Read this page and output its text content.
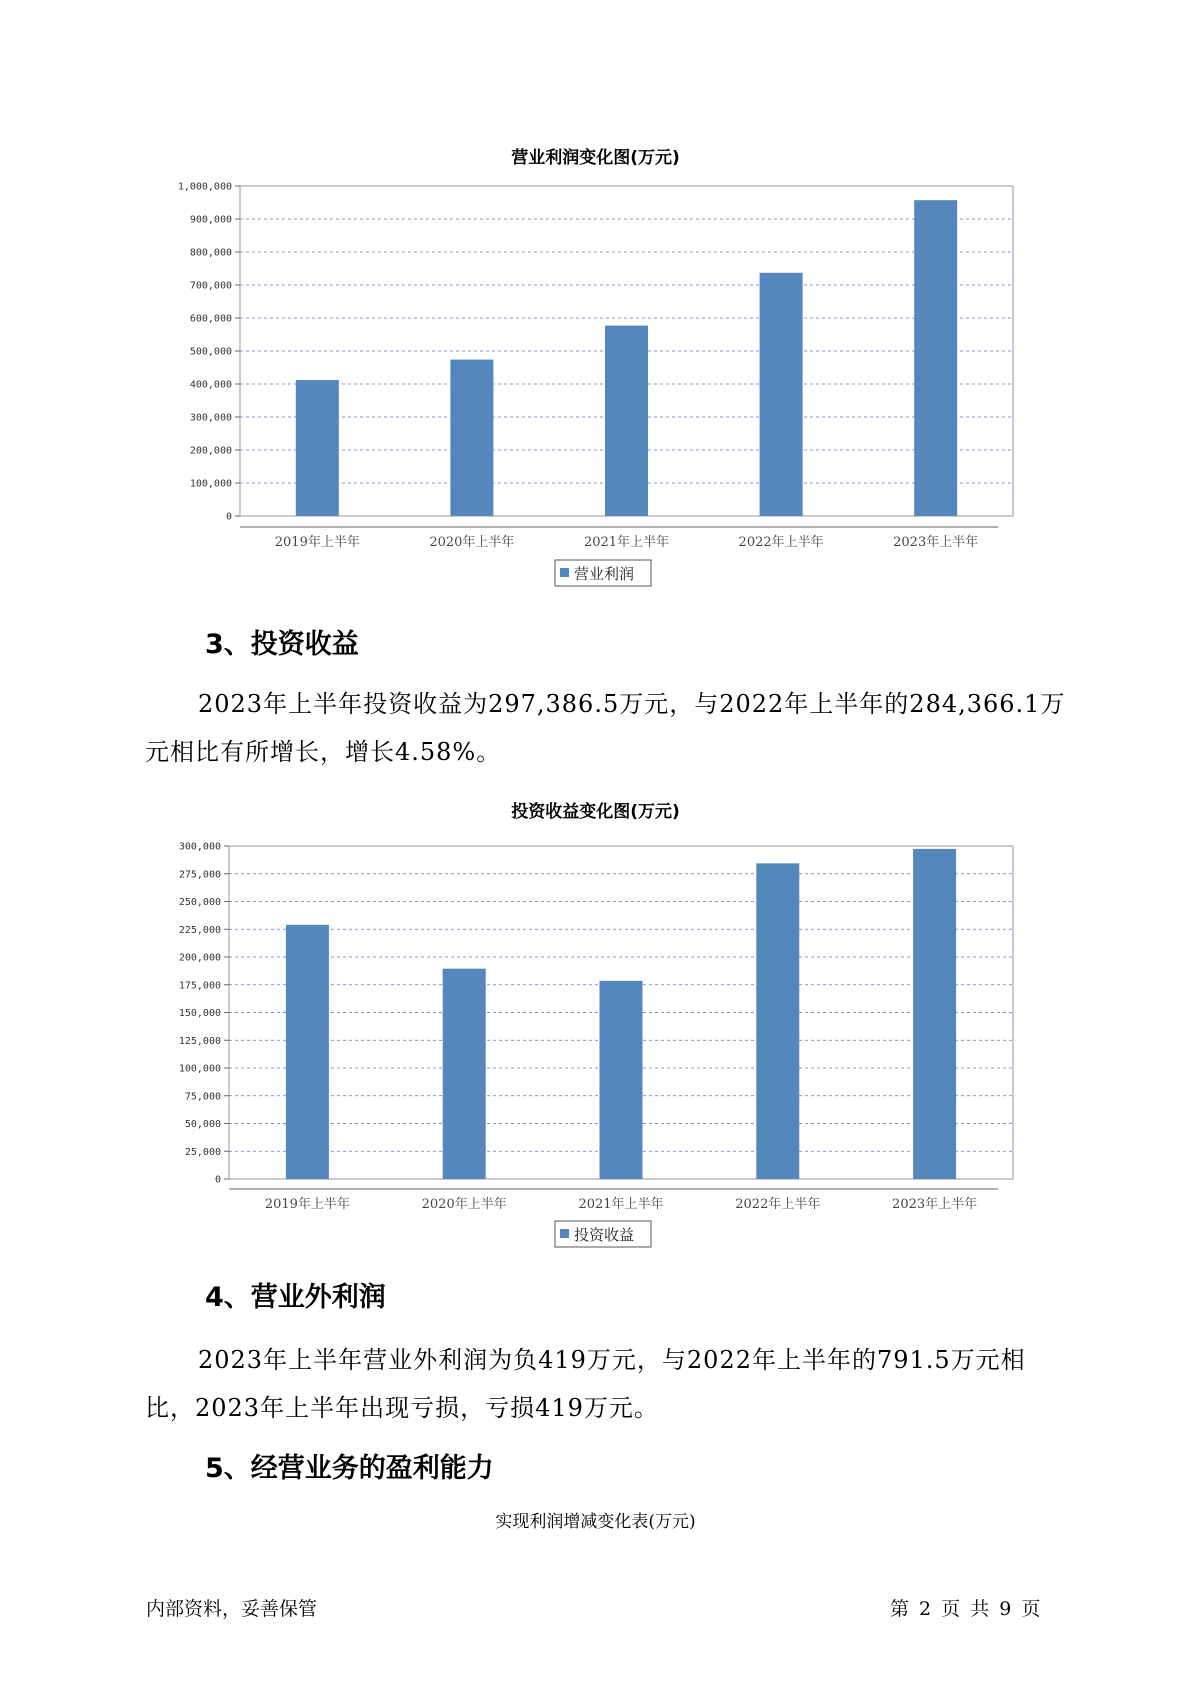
营业利润变化图(万元)
0
100,000
200,000
300,000
400,000
500,000
600,000
700,000
800,000
900,000
1,000,000
2019年上半年	2020年上半年	2021年上半年	2022年上半年	2023年上半年
营业利润
3、投资收益

2023年上半年投资收益为297,386.5万元，与2022年上半年的284,366.1万元相比有所增长，增长4.58%。

投资收益变化图(万元)
0
25,000
50,000
75,000
100,000
125,000
150,000
175,000
200,000
225,000
250,000
275,000
300,000
2019年上半年	2020年上半年	2021年上半年	2022年上半年	2023年上半年
投资收益
4、营业外利润

2023年上半年营业外利润为负419万元，与2022年上半年的791.5万元相比，2023年上半年出现亏损，亏损419万元。

5、经营业务的盈利能力
实现利润增减变化表(万元)
内部资料，妥善保管	第 2 页 共 9 页
